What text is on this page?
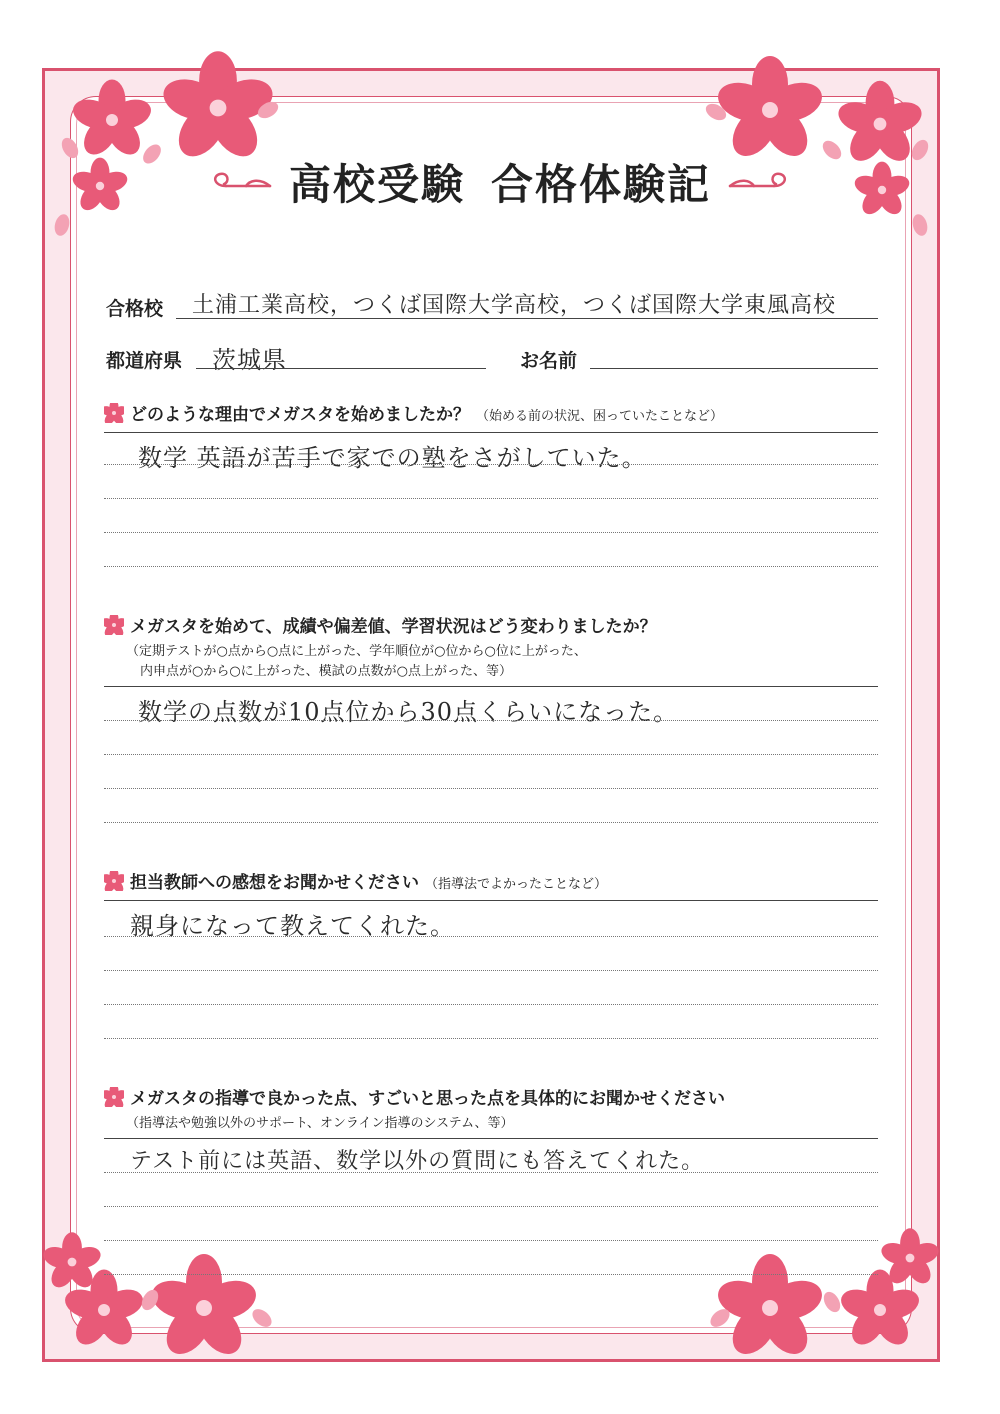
高校受験 合格体験記
合格校 土浦工業高校，つくば国際大学高校，つくば国際大学東風高校
都道府県 茨城県	お名前
どのような理由でメガスタを始めましたか？ （始める前の状況、困っていたことなど）
数学 英語が苦手で家での塾をさがしていた。
メガスタを始めて、成績や偏差値、学習状況はどう変わりましたか？
（定期テストが○点から○点に上がった、学年順位が○位から○位に上がった、
内申点が○から○に上がった、模試の点数が○点上がった、等）
数学の点数が10点位から30点くらいになった。
担当教師への感想をお聞かせください （指導法でよかったことなど）
親身になって教えてくれた。
メガスタの指導で良かった点、すごいと思った点を具体的にお聞かせください
（指導法や勉強以外のサポート、オンライン指導のシステム、等）
テスト前には英語、数学以外の質問にも答えてくれた。
